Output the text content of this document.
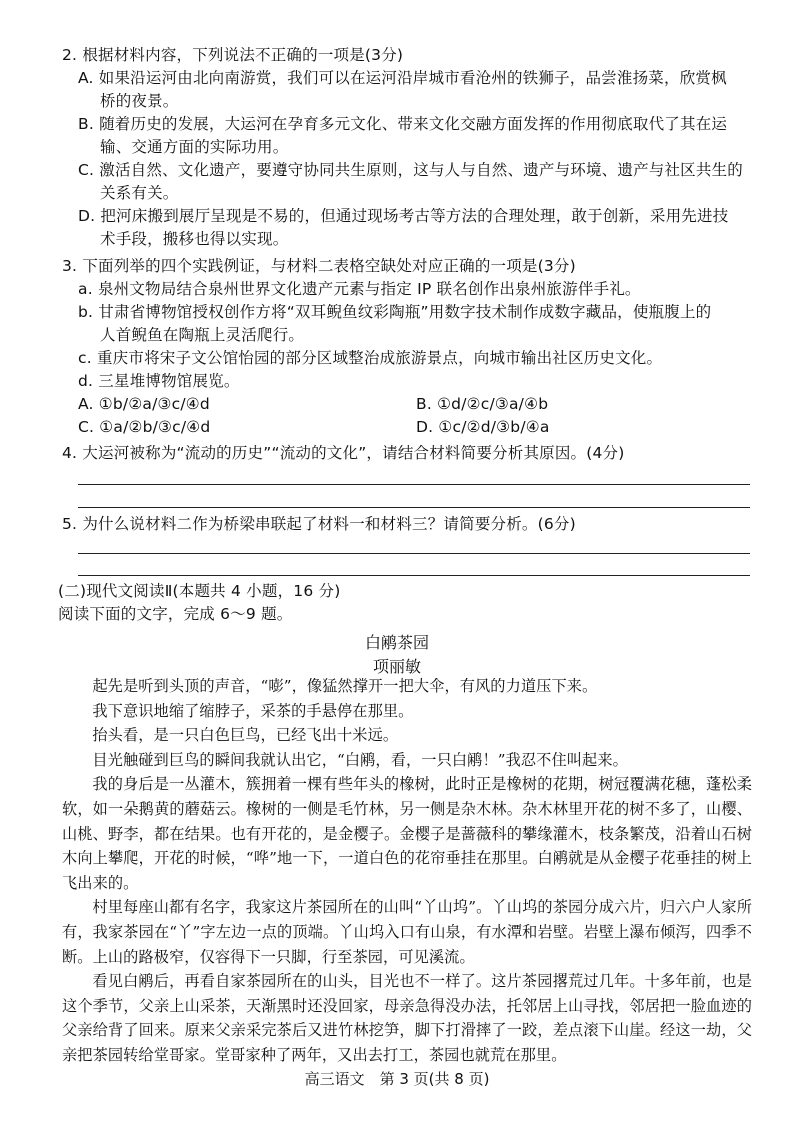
2. 根据材料内容，下列说法不正确的一项是(3分)
A. 如果沿运河由北向南游赏，我们可以在运河沿岸城市看沧州的铁狮子，品尝淮扬菜，欣赏枫
桥的夜景。
B. 随着历史的发展，大运河在孕育多元文化、带来文化交融方面发挥的作用彻底取代了其在运
输、交通方面的实际功用。
C. 激活自然、文化遗产，要遵守协同共生原则，这与人与自然、遗产与环境、遗产与社区共生的
关系有关。
D. 把河床搬到展厅呈现是不易的，但通过现场考古等方法的合理处理，敢于创新，采用先进技
术手段，搬移也得以实现。
3. 下面列举的四个实践例证，与材料二表格空缺处对应正确的一项是(3分)
a. 泉州文物局结合泉州世界文化遗产元素与指定 IP 联名创作出泉州旅游伴手礼。
b. 甘肃省博物馆授权创作方将“双耳鲵鱼纹彩陶瓶”用数字技术制作成数字藏品，使瓶腹上的
人首鲵鱼在陶瓶上灵活爬行。
c. 重庆市将宋子文公馆怡园的部分区域整治成旅游景点，向城市输出社区历史文化。
d. 三星堆博物馆展览。
A. ①b/②a/③c/④d	B. ①d/②c/③a/④b
C. ①a/②b/③c/④d	D. ①c/②d/③b/④a
4. 大运河被称为“流动的历史”“流动的文化”，请结合材料简要分析其原因。(4分)
5. 为什么说材料二作为桥梁串联起了材料一和材料三？请简要分析。(6分)
(二)现代文阅读Ⅱ(本题共 4 小题，16 分)
阅读下面的文字，完成 6～9 题。
白鹇茶园
项丽敏

起先是听到头顶的声音，“嘭”，像猛然撑开一把大伞，有风的力道压下来。

我下意识地缩了缩脖子，采茶的手悬停在那里。

抬头看，是一只白色巨鸟，已经飞出十米远。

目光触碰到巨鸟的瞬间我就认出它，“白鹇，看，一只白鹇！”我忍不住叫起来。

我的身后是一丛灌木，簇拥着一棵有些年头的橡树，此时正是橡树的花期，树冠覆满花穗，蓬松柔软，如一朵鹅黄的蘑菇云。橡树的一侧是毛竹林，另一侧是杂木林。杂木林里开花的树不多了，山樱、山桃、野李，都在结果。也有开花的，是金樱子。金樱子是蔷薇科的攀缘灌木，枝条繁茂，沿着山石树木向上攀爬，开花的时候，“哗”地一下，一道白色的花帘垂挂在那里。白鹇就是从金樱子花垂挂的树上飞出来的。

村里每座山都有名字，我家这片茶园所在的山叫“丫山坞”。丫山坞的茶园分成六片，归六户人家所有，我家茶园在“丫”字左边一点的顶端。丫山坞入口有山泉，有水潭和岩壁。岩壁上瀑布倾泻，四季不断。上山的路极窄，仅容得下一只脚，行至茶园，可见溪流。

看见白鹇后，再看自家茶园所在的山头，目光也不一样了。这片茶园撂荒过几年。十多年前，也是这个季节，父亲上山采茶，天渐黑时还没回家，母亲急得没办法，托邻居上山寻找，邻居把一脸血迹的父亲给背了回来。原来父亲采完茶后又进竹林挖笋，脚下打滑摔了一跤，差点滚下山崖。经这一劫，父亲把茶园转给堂哥家。堂哥家种了两年，又出去打工，茶园也就荒在那里。

高三语文　第 3 页(共 8 页)
